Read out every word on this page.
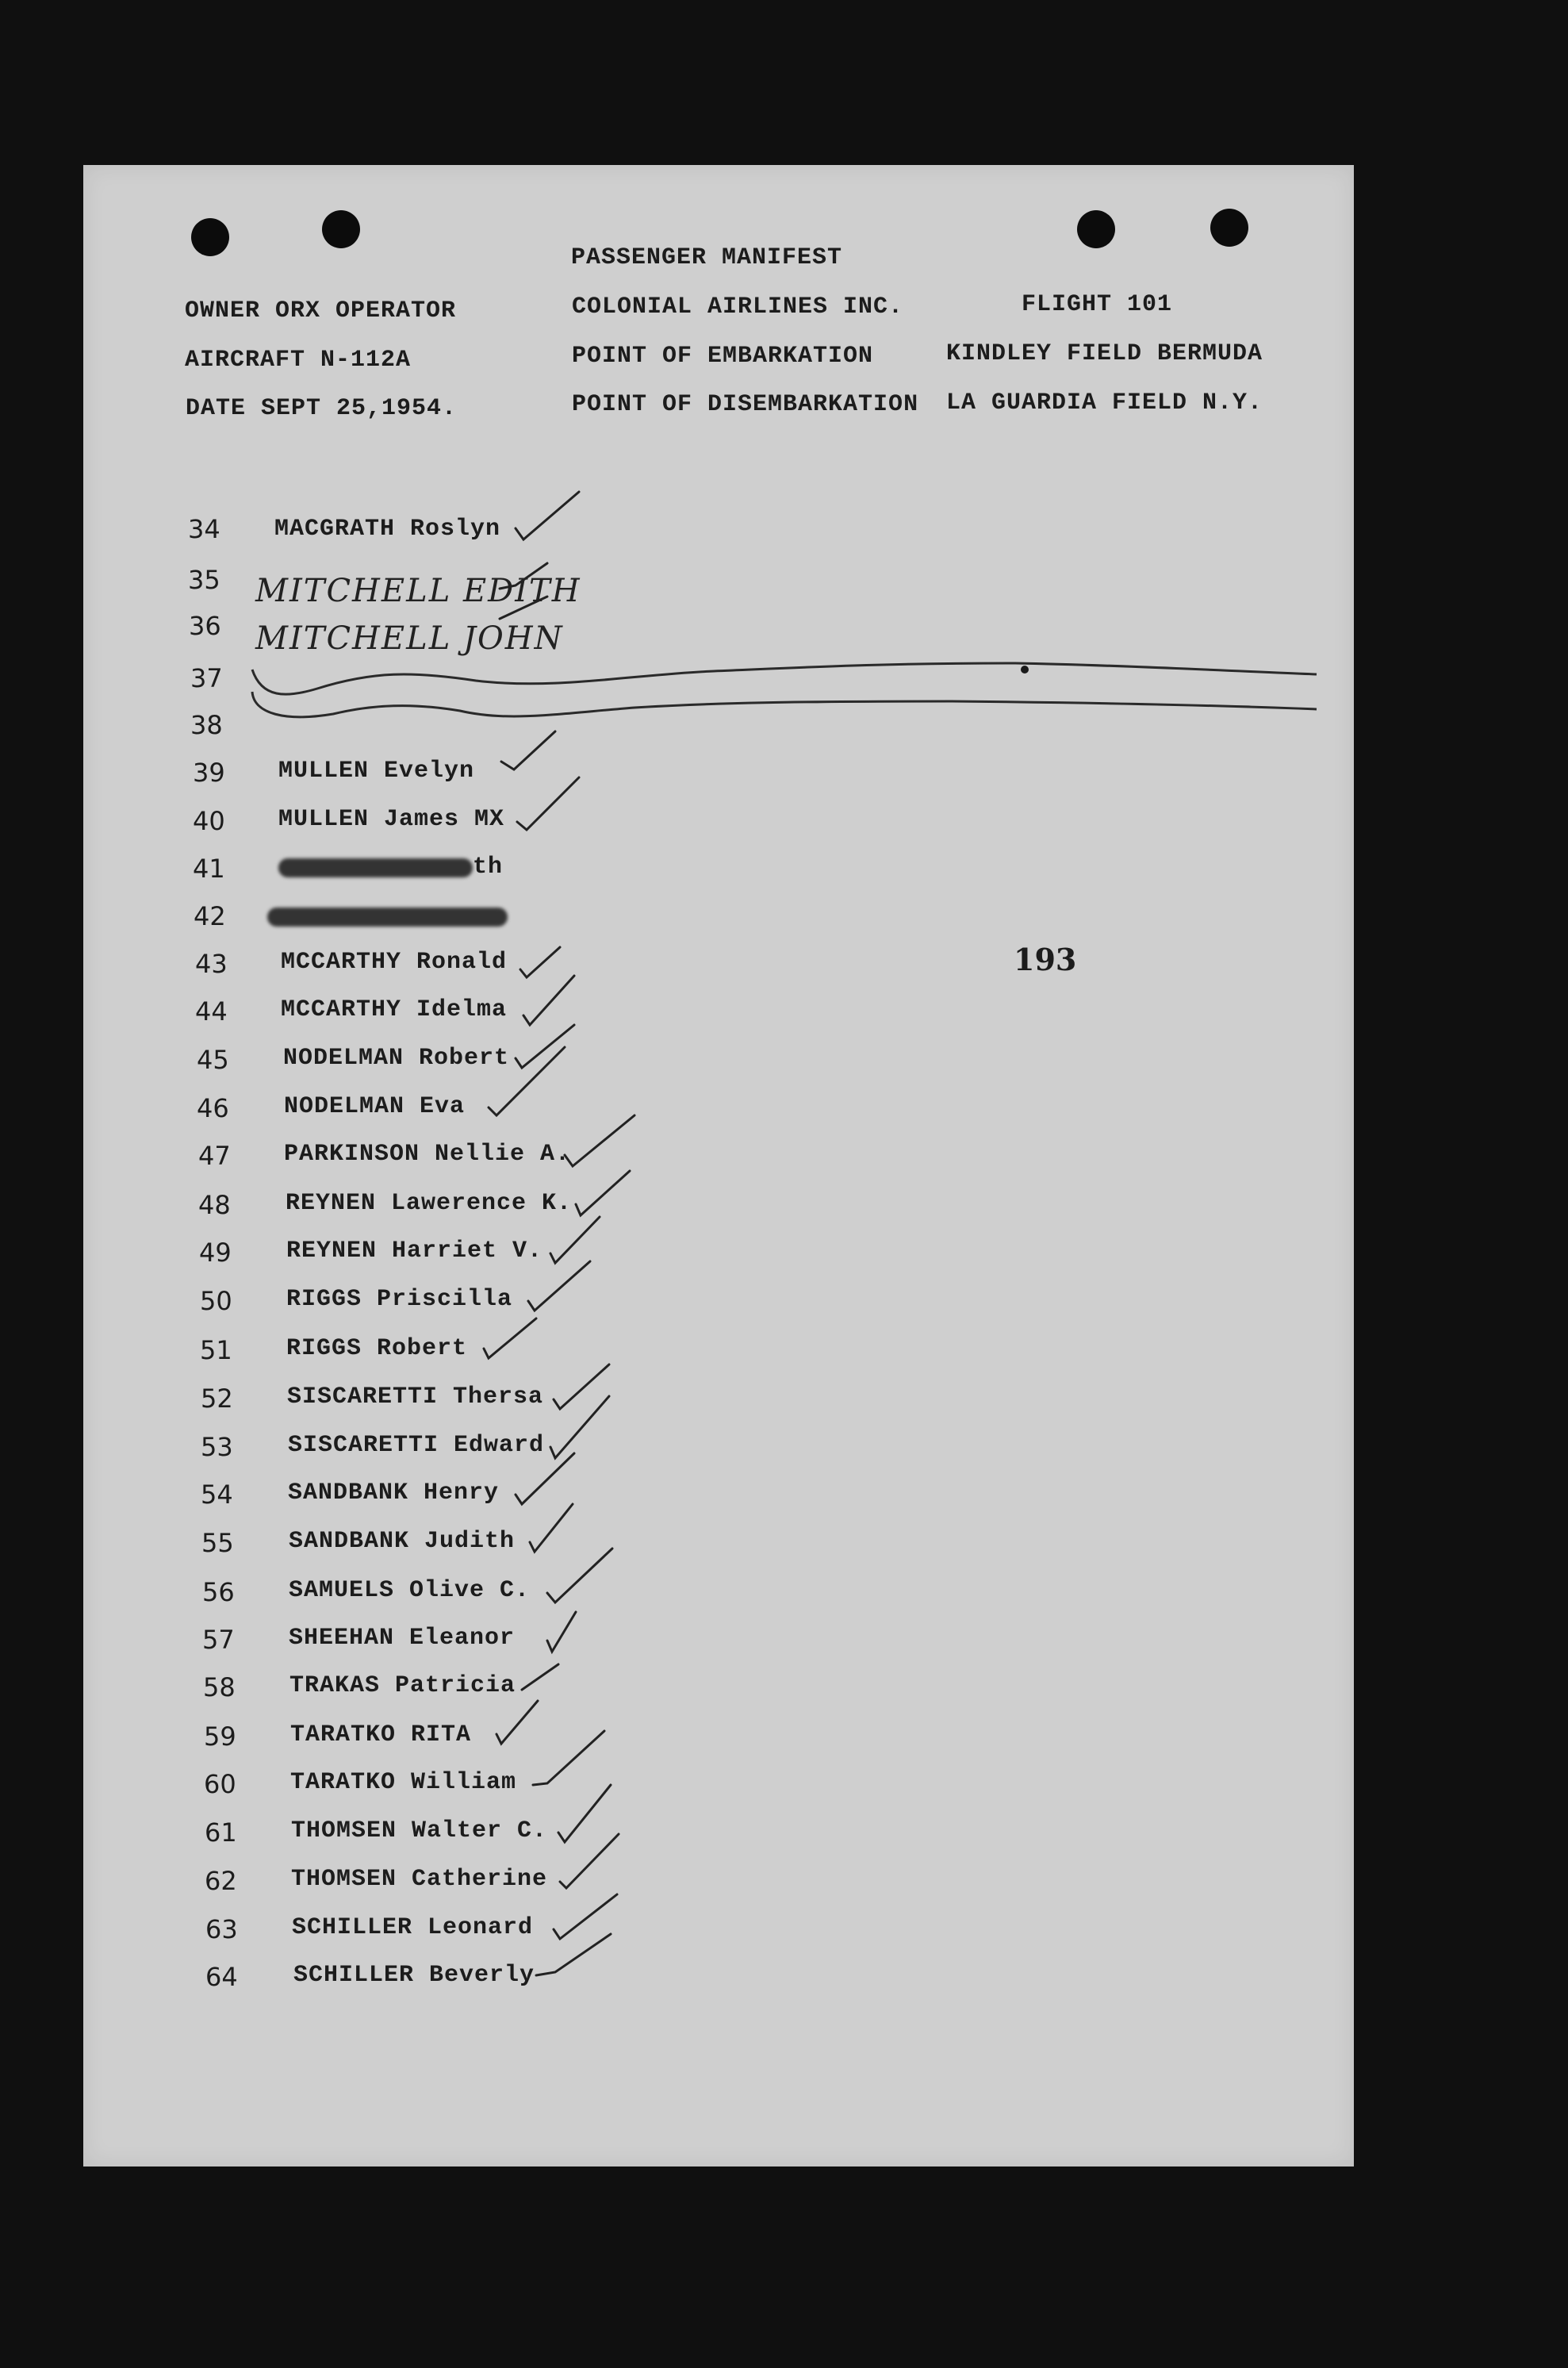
PASSENGER MANIFEST
OWNER ORX OPERATOR	COLONIAL AIRLINES INC.	FLIGHT 101
AIRCRAFT N-112A	POINT OF EMBARKATION	KINDLEY FIELD BERMUDA
DATE SEPT 25,1954.	POINT OF DISEMBARKATION LA GUARDIA FIELD N.Y.
193
34	MACGRATH Roslyn
35	MITCHELL EDITH
36	MITCHELL JOHN
37
38
39	MULLEN Evelyn
40	MULLEN James MX
41	th
42
43	MCCARTHY Ronald
44	MCCARTHY Idelma
45	NODELMAN Robert
46	NODELMAN Eva
47	PARKINSON Nellie A.
48	REYNEN Lawerence K.
49	REYNEN Harriet V.
50	RIGGS Priscilla
51	RIGGS Robert
52	SISCARETTI Thersa
53	SISCARETTI Edward
54	SANDBANK Henry
55	SANDBANK Judith
56	SAMUELS Olive C.
57	SHEEHAN Eleanor
58	TRAKAS Patricia
59	TARATKO RITA
60	TARATKO William
61	THOMSEN Walter C.
62	THOMSEN Catherine
63	SCHILLER Leonard
64	SCHILLER Beverly
